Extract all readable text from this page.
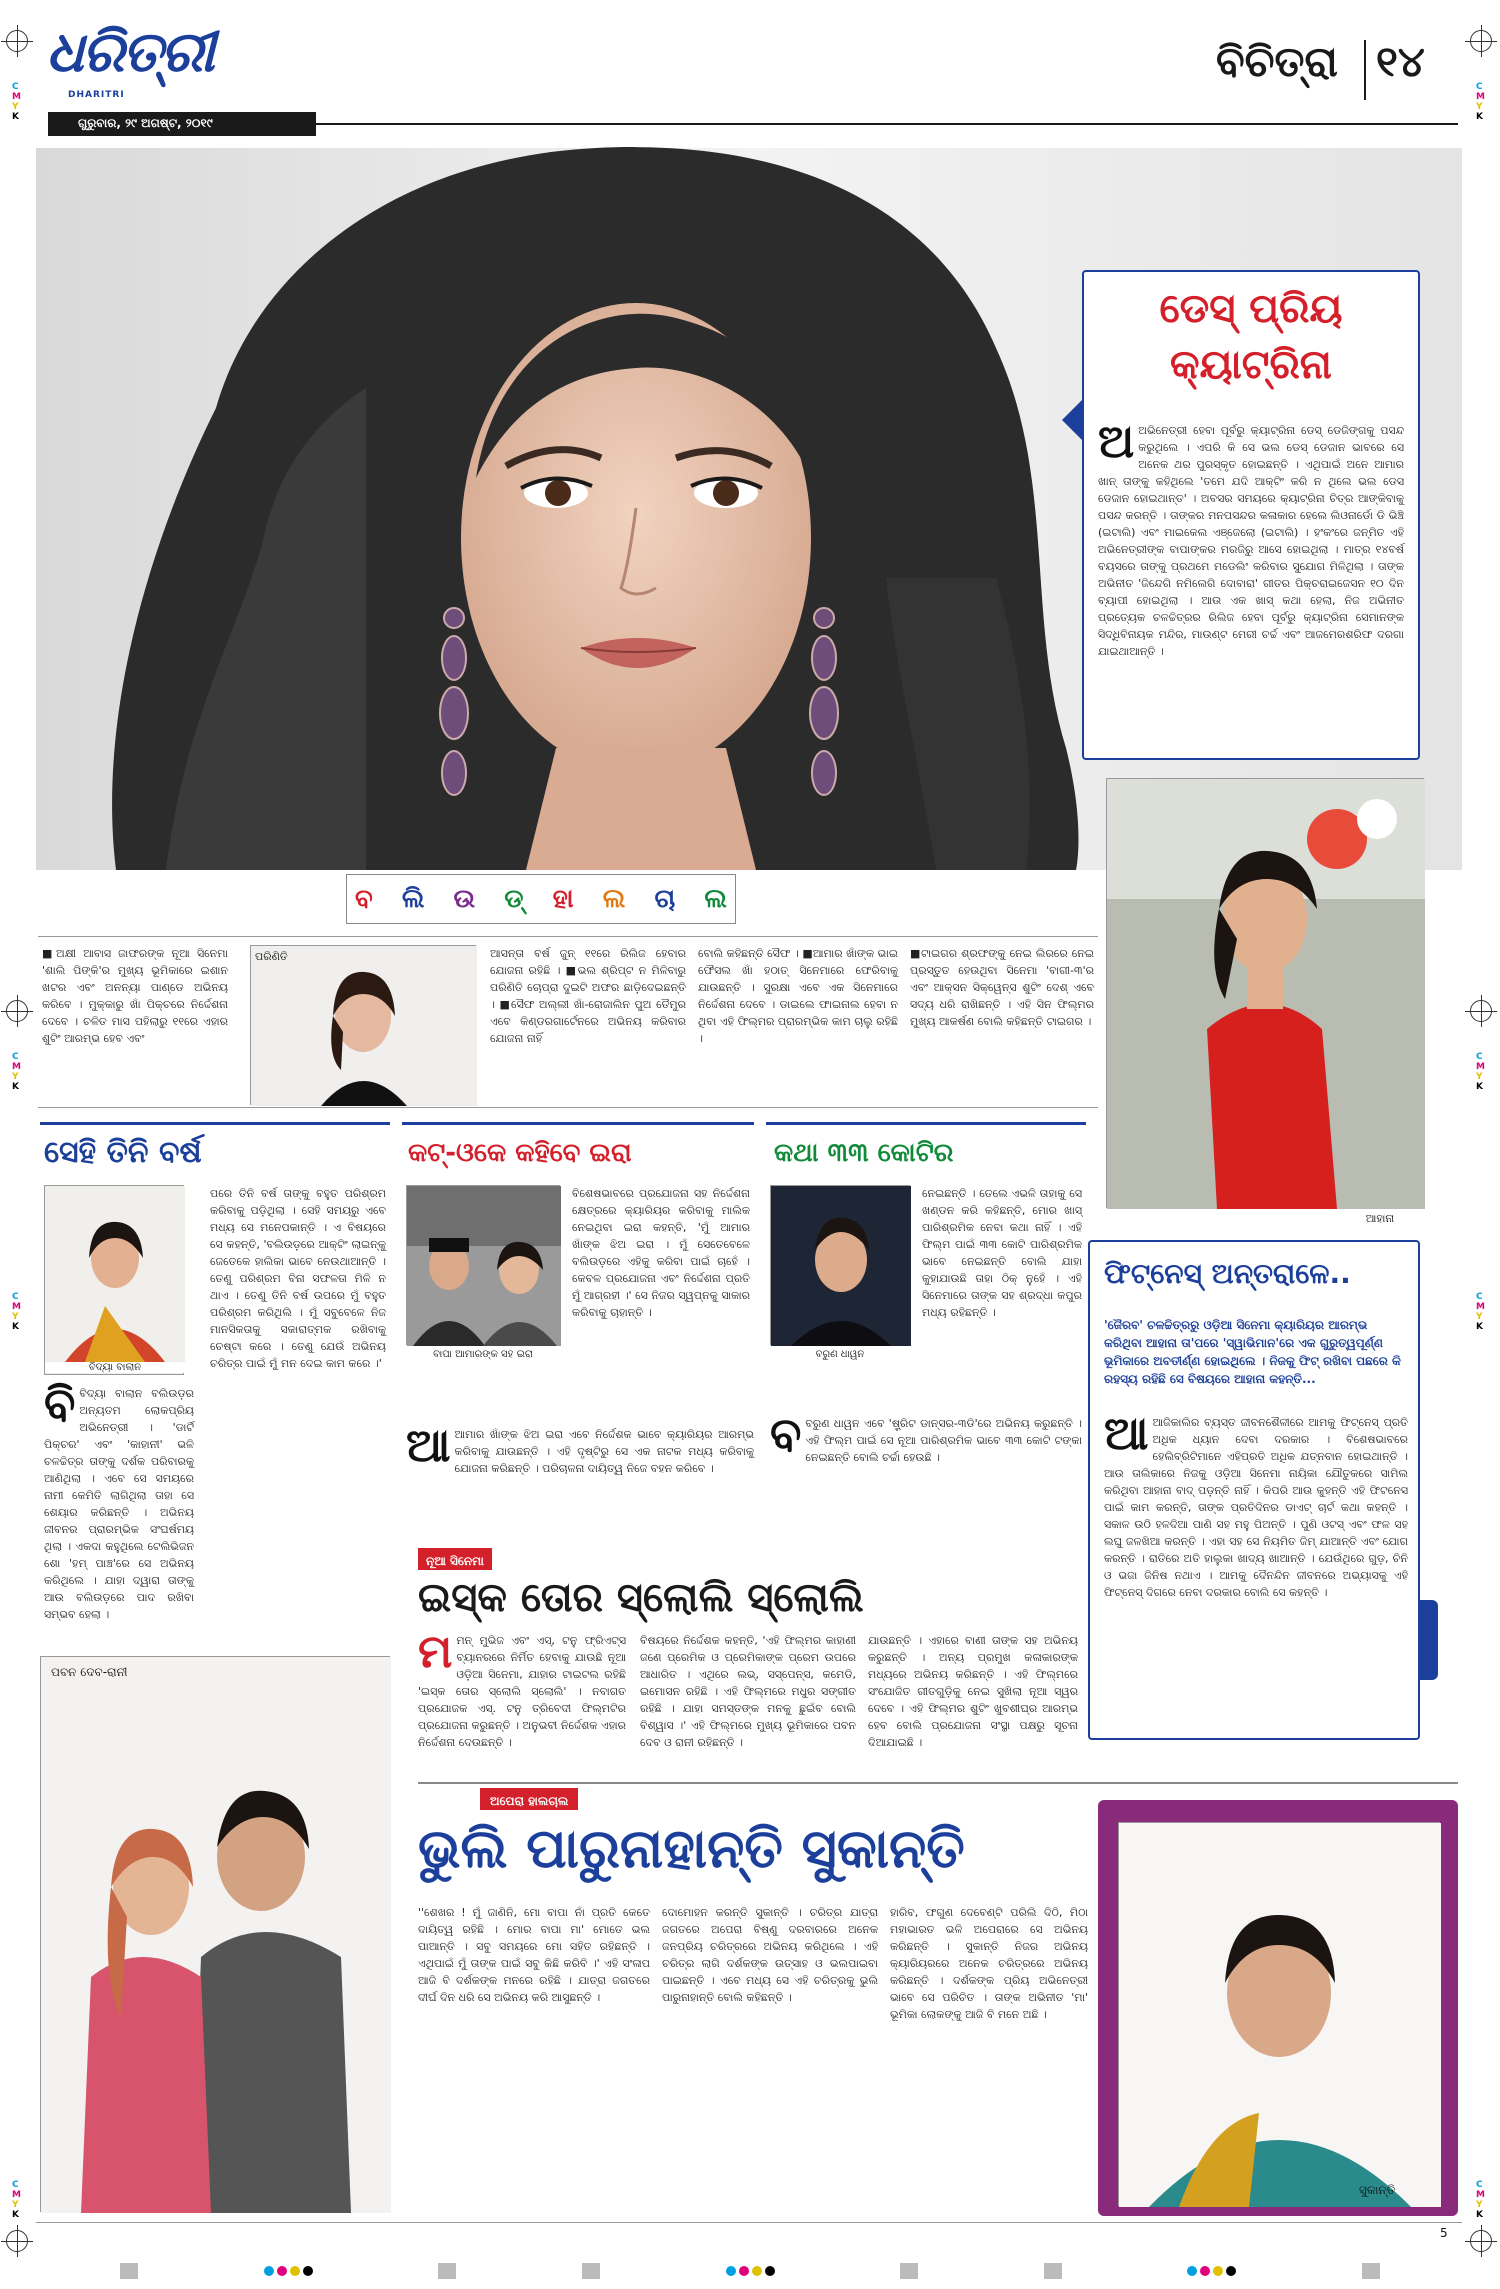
C
M
Y
K
C
M
Y
K
C
M
Y
K
C
M
Y
K
C
M
Y
K
C
M
Y
K
C
M
Y
K
C
M
Y
K
ଧରିତ୍ରୀ
DHARITRI
ଗୁରୁବାର, ୨୯ ଅଗଷ୍ଟ, ୨୦୧୯
ବିଚିତ୍ରା ୧୪
ଡେସ୍ ପ୍ରିୟ
କ୍ୟାଟ୍ରିନା
ଅଅଭିନେତ୍ରୀ ହେବା ପୂର୍ବରୁ କ୍ୟାଟ୍ରିନା ଡେସ୍ ଡେଜିଙ୍ଗକୁ ପସନ୍ଦ କରୁଥିଲେ । ଏପରି କି ସେ ଭଲ ଡେସ୍ ଡେଜାନ ଭାବରେ ସେ ଅନେକ ଥର ପୁରସ୍କୃତ ହୋଇଛନ୍ତି । ଏଥିପାଇଁ ଅନେ ଆମାର ଖାନ୍ ତାଙ୍କୁ କହିଥିଲେ 'ତମେ ଯଦି ଆକ୍ଟିଂ କରି ନ ଥିଲେ ଭଲ ଡେସ ଡେଜାନ ହୋଇଥାନ୍ତ' । ଅବସର ସମୟରେ କ୍ୟାଟ୍ରିନା ଚିତ୍ର ଆଙ୍କିବାକୁ ପସନ୍ଦ କରନ୍ତି । ତାଙ୍କର ମନପସନ୍ଦର କଳାକାର ହେଲେ ଲିଓନାର୍ଡୋ ଡି ଭିଞ୍ଚି (ଇଟାଲି) ଏବଂ ମାଇକେଲ ଏଞ୍ଜେଲୋ (ଇଟାଲି) । ହଂକଂରେ ଜନ୍ମିତ ଏହି ଅଭିନେତ୍ରୀଙ୍କ ବାପାଙ୍କର ମରଜିରୁ ଆସେ ହୋଇଥିଲା । ମାତ୍ର ୧୪ବର୍ଷ ବୟସରେ ତାଙ୍କୁ ପ୍ରଥମେ ମଡେଲିଂ କରିବାର ସୁଯୋଗ ମିଳିଥିଲା । ତାଙ୍କ ଅଭିନୀତ 'ଜିନ୍ଦେଗି ନମିଲେଗି ଦୋବାରା' ଗୀତର ପିକ୍ଚରାଇଜେସନ ୧୦ ଦିନ ବ୍ୟାପୀ ହୋଇଥିଲା । ଆଉ ଏକ ଖାସ୍ କଥା ହେଲା, ନିଜ ଅଭିନୀତ ପ୍ରତ୍ୟେକ ଚଳଚ୍ଚିତ୍ରର ରିଲିଜ ହେବା ପୂର୍ବରୁ କ୍ୟାଟ୍ରିନା ସେମାନଙ୍କ ସିଦ୍ଧିବିନାୟକ ମନ୍ଦିର, ମାଉଣ୍ଟ ମେରୀ ଚର୍ଚ୍ଚ ଏବଂ ଆଜମେରଶରିଫ ଦରଗା ଯାଇଥାଆନ୍ତି ।
ଆହାନା
ବ ଲି ଉ ଡ୍ ହା ଲ ଚା ଲ
■ଅକ୍ଷୀ ଆବାସ ଜାଫରଙ୍କ ନୂଆ ସିନେମା 'ଶାଲି ପିଙ୍କି'ର ମୁଖ୍ୟ ଭୂମିକାରେ ଇଶାନ ଖଟର ଏବଂ ଅନନ୍ୟା ପାଣ୍ଡେ ଅଭିନୟ କରିବେ । ମୁକ୍କାରୁ ଖାଁ ପିକ୍ଚରେ ନିର୍ଦ୍ଦେଶନା ଦେବେ । ଚଳିତ ମାସ ପହିଲାରୁ ୧୧ରେ ଏହାର ଶୁଟିଂ ଆରମ୍ଭ ହେବ ଏବଂ
ପରିଣିତି	ଆସନ୍ତା ବର୍ଷ ଜୁନ୍ ୧୧ରେ ରିଲିଜ ହେବାର ଯୋଜନା ରହିଛି । ■ଭଲ ଶ୍ରିପ୍ଟ ନ ମିଳିବାରୁ ପରିଣିତି ଚୋପ୍ରା ଦୁଇଟି ଅଫର ଛାଡ଼ିଦେଇଛନ୍ତି । ■ସୈଫ ଅଲ୍ଲୀ ଖାଁ-ରୋଜାଲିନ ପୁଅ ତୈମୁର ଏବେ କିଣ୍ଡରଗାର୍ଟେନରେ ଅଭିନୟ କରିବାର ଯୋଜନା ନାହିଁ
ବୋଲି କହିଛନ୍ତି ସୈଫ । ■ଆମାର ଖାଁଙ୍କ ଭାଇ ଫୈସଲ ଖାଁ ହଠାତ୍ ସିନେମାରେ ଫେରିବାକୁ ଯାଉଛନ୍ତି । ସୁରକ୍ଷା ଏବେ ଏକ ସିନେମାରେ ନିର୍ଦ୍ଦେଶନା ଦେବେ । ଡାଇଲେ ଫାଇନାଲ ହେବା ନ ଥିବା ଏହି ଫିଲ୍ମର ପ୍ରାରମ୍ଭିକ କାମ ଚାଲୁ ରହିଛି ।
■ଟାଇଗର ଶ୍ରଫଙ୍କୁ ନେଇ ଲିରରେ ନେଇ ପ୍ରସ୍ତୁତ ହେଉଥିବା ସିନେମା 'ବାଗୀ-୩'ର ଏବଂ ଆକ୍ସନ ସିକ୍ୱେନ୍ସ ଶୁଟିଂ ଦେଶ୍ ଏବେ ସଦ୍ୟ ଧରି ରାଖିଛନ୍ତି । ଏହି ସିନ ଫିଲ୍ମର ମୁଖ୍ୟ ଆକର୍ଷଣ ବୋଲି କହିଛନ୍ତି ଟାଇଗର ।
ସେହି ତିନି ବର୍ଷ
ବିଦ୍ୟା ବାଲାନ
ବିବିଦ୍ୟା ବାଲାନ ବଲିଉଡ଼ର ଅନ୍ୟତମ ଲୋକପ୍ରିୟ ଅଭିନେତ୍ରୀ । 'ଡାର୍ଟି ପିକ୍ଚର' ଏବଂ 'କାହାନୀ' ଭଳି ଚଳଚ୍ଚିତ୍ର ତାଙ୍କୁ ଦର୍ଶକ ପରିବାରକୁ ଆଣିଥିଲା । ଏବେ ସେ ସମୟରେ ନାମୀ କେମିତି ଲାଗିଥିଲା ତାହା ସେ ଶେୟାର କରିଛନ୍ତି । ଅଭିନୟ ଜୀବନର ପ୍ରାରମ୍ଭିକ ସଂଘର୍ଷମୟ ଥିଲା । ଏକଦା କହୁଥିଲେ ଟେଲିଭିଜନ ଶୋ 'ହମ୍ ପାଞ୍ଚ'ରେ ସେ ଅଭିନୟ କରିଥିଲେ । ଯାହା ଦ୍ୱାରା ତାଙ୍କୁ ଆଉ ବଲିଉଡ଼ରେ ପାଦ ରଖିବା ସମ୍ଭବ ହେଲା ।
ପରେ ତିନି ବର୍ଷ ତାଙ୍କୁ ବହୁତ ପରିଶ୍ରମ କରିବାକୁ ପଡ଼ିଥିଲା । ସେହି ସମୟରୁ ଏବେ ମଧ୍ୟ ସେ ମନେପକାନ୍ତି । ଏ ବିଷୟରେ ସେ କହନ୍ତି, 'ବଲିଉଡ଼ରେ ଆକ୍ଟିଂ ଲାଇନ୍‌କୁ ଜେତେକେ ହାଲିକା ଭାବେ ନେଉଥାଆନ୍ତି । ତେଣୁ ପରିଶ୍ରମ ବିନା ସଫଳତା ମିଳି ନ ଥାଏ । ତେଣୁ ତିନି ବର୍ଷ ଉପରେ ମୁଁ ବହୁତ ପରିଶ୍ରମ କରିଥିଲି । ମୁଁ ସବୁବେଳେ ନିଜ ମାନସିକତାକୁ ସକାରାତ୍ମକ ରଖିବାକୁ ଚେଷ୍ଟା କରେ । ତେଣୁ ଯେଉଁ ଅଭିନୟ ଚରିତ୍ର ପାଇଁ ମୁଁ ମନ ଦେଇ କାମ କରେ ।'
କଟ୍-ଓକେ କହିବେ ଇରା
ବାପା ଆମାରଙ୍କ ସହ ଇରା
ବିଶେଷଭାବରେ ପ୍ରଯୋଜନା ସହ ନିର୍ଦ୍ଦେଶନା କ୍ଷେତ୍ରରେ କ୍ୟାରିୟର କରିବାକୁ ମାଲିକ ନେଇଥିବା ଇରା କହନ୍ତି, 'ମୁଁ ଆମାର ଖାଁଙ୍କ ଝିଅ ଇରା । ମୁଁ ସେତେବେଳେ ବଲିଉଡ଼ରେ ଏହିକୁ କରିବା ପାଇଁ ଚାହେଁ । କେବଳ ପ୍ରଯୋଜନା ଏବଂ ନିର୍ଦ୍ଦେଶନା ପ୍ରତି ମୁଁ ଆଗ୍ରହୀ ।' ସେ ନିଜର ସ୍ୱପ୍ନକୁ ସାକାର କରିବାକୁ ଚାହାନ୍ତି ।
ଆଆମାର ଖାଁଙ୍କ ଝିଅ ଇରା ଏବେ ନିର୍ଦ୍ଦେଶକ ଭାବେ କ୍ୟାରିୟର ଆରମ୍ଭ କରିବାକୁ ଯାଉଛନ୍ତି । ଏହି ଦୃଷ୍ଟିରୁ ସେ ଏକ ନାଟକ ମଧ୍ୟ କରିବାକୁ ଯୋଜନା କରିଛନ୍ତି । ପରିଚାଳନା ଦାୟିତ୍ୱ ନିଜେ ବହନ କରିବେ ।
କଥା ୩୩ କୋଟିର
ବରୁଣ ଧାୱନ
ନେଇଛନ୍ତି । ତେଲେ ଏଭଳି ତାହାକୁ ସେ ଖଣ୍ଡନ କରି କହିଛନ୍ତି, ମୋର ଖାସ୍ ପାରିଶ୍ରମିକ ନେବା କଥା ନାହିଁ । ଏହି ଫିଲ୍ମ ପାଇଁ ୩୩ କୋଟି ପାରିଶ୍ରମିକ ଭାବେ ନେଇଛନ୍ତି ବୋଲି ଯାହା କୁହାଯାଉଛି ତାହା ଠିକ୍ ନୁହେଁ । ଏହି ସିନେମାରେ ତାଙ୍କ ସହ ଶ୍ରଦ୍ଧା କପୁର ମଧ୍ୟ ରହିଛନ୍ତି ।
ବବରୁଣ ଧାୱନ ଏବେ 'ଷ୍ଟ୍ରିଟ ଡାନ୍ସର-୩ଡି'ରେ ଅଭିନୟ କରୁଛନ୍ତି । ଏହି ଫିଲ୍ମ ପାଇଁ ସେ ନୂଆ ପାରିଶ୍ରମିକ ଭାବେ ୩୩ କୋଟି ଟଙ୍କା ନେଇଛନ୍ତି ବୋଲି ଚର୍ଚ୍ଚା ହେଉଛି ।
ଫିଟ୍‌ନେସ୍ ଅନ୍ତରାଳେ..
'ଜୈରବ' ଚଳଚ୍ଚିତ୍ରରୁ ଓଡ଼ିଆ ସିନେମା କ୍ୟାରିୟର ଆରମ୍ଭ କରିଥିବା ଆହାନା ତା'ପରେ 'ସ୍ୱାଭିମାନ'ରେ ଏକ ଗୁରୁତ୍ୱପୂର୍ଣ୍ଣ ଭୂମିକାରେ ଅବତୀର୍ଣ୍ଣ ହୋଇଥିଲେ । ନିଜକୁ ଫିଟ୍ ରଖିବା ପଛରେ କି ରହସ୍ୟ ରହିଛି ସେ ବିଷୟରେ ଆହାନା କହନ୍ତି...
ଆଆଜିକାଲିର ବ୍ୟସ୍ତ ଜୀବନଶୈଳୀରେ ଆମକୁ ଫିଟ୍‌ନେସ୍ ପ୍ରତି ଅଧିକ ଧ୍ୟାନ ଦେବା ଦରକାର । ବିଶେଷଭାବରେ ହେଲିବ୍ରିଟିମାନେ ଏହିପ୍ରତି ଅଧିକ ଯତ୍ନବାନ ହୋଇଥାନ୍ତି । ଆଉ ତାଲିକାରେ ନିଜକୁ ଓଡ଼ିଆ ସିନେମା ନାୟିକା ଯୌତୁକରେ ସାମିଲ କରିଥିବା ଆହାନା ବାଦ୍ ପଡ଼ନ୍ତି ନାହିଁ । କିପରି ଆଉ କୁହନ୍ତି ଏହି ଫିଟନେସ ପାଇଁ କାମ କରନ୍ତି, ତାଙ୍କ ପ୍ରତିଦିନର ଡାଏଟ୍ ଚାର୍ଟ କଥା କହନ୍ତି । ସକାଳ ଉଠି ହଳଦିଆ ପାଣି ସହ ମହୁ ପିଅନ୍ତି । ପୁଣି ଓଟସ୍ ଏବଂ ଫଳ ସହ ଲଘୁ ଜଳଖିଆ କରନ୍ତି । ଏହା ସହ ସେ ନିୟମିତ ଜିମ୍ ଯାଆନ୍ତି ଏବଂ ଯୋଗ କରନ୍ତି । ରାତିରେ ଅତି ହାଲୁକା ଖାଦ୍ୟ ଖାଆନ୍ତି । ଯେଉଁଥିରେ ଗୁଡ଼, ଚିନି ଓ ଭଜା ଜିନିଷ ନଥାଏ । ଆମକୁ ଦୈନନ୍ଦିନ ଜୀବନରେ ଅଭ୍ୟାସକୁ ଏହି ଫିଟ୍‌ନେସ୍ ଦିଗରେ ନେବା ଦରକାର ବୋଲି ସେ କହନ୍ତି ।
ନୂଆ ସିନେମା
ଇସ୍କ ତୋର ସ୍ଲୋଲି ସ୍ଲୋଲି
ପବନ ଦେବ-ରାନୀ	ମମନ୍ ମୁଭିଜ ଏବଂ ଏସ୍, ଟନୁ ଫ୍ରିଏଟ୍ସ ବ୍ୟାନରରେ ନିର୍ମିତ ହେବାକୁ ଯାଉଛି ନୂଆ ଓଡ଼ିଆ ସିନେମା, ଯାହାର ଟାଇଟଲ ରହିଛି 'ଇସ୍କ ତୋର ସ୍ଲୋଲି ସ୍ଲୋଲି' । ନବାଗତ ପ୍ରଯୋଜକ ଏସ୍. ଟନୁ ତ୍ରିବେଦୀ ଫିଲ୍ମଟିର ପ୍ରଯୋଜନା କରୁଛନ୍ତି । ଅନୁଭବୀ ନିର୍ଦ୍ଦେଶକ ଏହାର ନିର୍ଦ୍ଦେଶନା ଦେଉଛନ୍ତି ।
ବିଷୟରେ ନିର୍ଦ୍ଦେଶକ କହନ୍ତି, 'ଏହି ଫିଲ୍ମର କାହାଣୀ ଜଣେ ପ୍ରେମିକ ଓ ପ୍ରେମିକାଙ୍କ ପ୍ରେମ ଉପରେ ଆଧାରିତ । ଏଥିରେ ଲଭ୍, ସସ୍ପେନ୍ସ, କମେଡି, ଇମୋସନ ରହିଛି । ଏହି ଫିଲ୍ମରେ ମଧୁର ସଙ୍ଗୀତ ରହିଛି । ଯାହା ସମସ୍ତଙ୍କ ମନକୁ ଛୁଇଁବ ବୋଲି ବିଶ୍ୱାସ ।' ଏହି ଫିଲ୍ମରେ ମୁଖ୍ୟ ଭୂମିକାରେ ପବନ ଦେବ ଓ ରାନୀ ରହିଛନ୍ତି ।
ଯାଉଛନ୍ତି । ଏହାରେ ବାଣୀ ତାଙ୍କ ସହ ଅଭିନୟ କରୁଛନ୍ତି । ଅନ୍ୟ ପ୍ରମୁଖ କଳାକାରଙ୍କ ମଧ୍ୟରେ ଅଭିନୟ କରିଛନ୍ତି । ଏହି ଫିଲ୍ମରେ ସଂଯୋଜିତ ଗୀତଗୁଡ଼ିକୁ ନେଇ ସୁଖିଲା ନୂଆ ସ୍ୱର ଦେବେ । ଏହି ଫିଲ୍ମର ଶୁଟିଂ ଖୁବଶୀଘ୍ର ଆରମ୍ଭ ହେବ ବୋଲି ପ୍ରଯୋଜନା ସଂସ୍ଥା ପକ୍ଷରୁ ସୂଚନା ଦିଆଯାଇଛି ।
ଅପେରା ହାଲଚାଲ
ଭୁଲି ପାରୁନାହାନ୍ତି ସୁକାନ୍ତି
''ଶେଖର ! ମୁଁ ଜାଣିନି, ମୋ ବାପା ନାଁ ପ୍ରତି କେତେ ଦାୟିତ୍ୱ ରହିଛି । ମୋର ବାପା ମା' ମୋତେ ଭଲ ପାଆନ୍ତି । ସବୁ ସମୟରେ ମୋ ସହିତ ରହିଛନ୍ତି । ଏଥିପାଇଁ ମୁଁ ତାଙ୍କ ପାଇଁ ସବୁ କିଛି କରିବି ।' ଏହି ସଂଳାପ ଆଜି ବି ଦର୍ଶକଙ୍କ ମନରେ ରହିଛି । ଯାତ୍ରା ଜଗତରେ ଦୀର୍ଘ ଦିନ ଧରି ସେ ଅଭିନୟ କରି ଆସୁଛନ୍ତି ।
ଦୋମୋହନ କରନ୍ତି ସୁକାନ୍ତି । ଚରିତ୍ର ଯାତ୍ରା ଜଗତରେ ଅପେରା ବିଷ୍ଣୁ ଦରବାରରେ ଅନେକ ଜନପ୍ରିୟ ଚରିତ୍ରରେ ଅଭିନୟ କରିଥିଲେ । ଏହି ଚରିତ୍ର ଲାଗି ଦର୍ଶକଙ୍କ ଉତ୍ସାହ ଓ ଭଲପାଇବା ପାଇଛନ୍ତି । ଏବେ ମଧ୍ୟ ସେ ଏହି ଚରିତ୍ରକୁ ଭୁଲି ପାରୁନାହାନ୍ତି ବୋଲି କହିଛନ୍ତି ।
ହାରିବ, ଫଗୁଣ ଦେବେଣ୍ଟି ପରିଲି ଦିଠି, ମିଠା ମହାଭାରତ ଭଳି ଅପେରାରେ ସେ ଅଭିନୟ କରିଛନ୍ତି । ସୁକାନ୍ତି ନିଜର ଅଭିନୟ କ୍ୟାରିୟରରେ ଅନେକ ଚରିତ୍ରରେ ଅଭିନୟ କରିଛନ୍ତି । ଦର୍ଶକଙ୍କ ପ୍ରିୟ ଅଭିନେତ୍ରୀ ଭାବେ ସେ ପରିଚିତ । ତାଙ୍କ ଅଭିନୀତ 'ମା' ଭୂମିକା ଲୋକଙ୍କୁ ଆଜି ବି ମନେ ଅଛି ।
ସୁକାନ୍ତି
5
